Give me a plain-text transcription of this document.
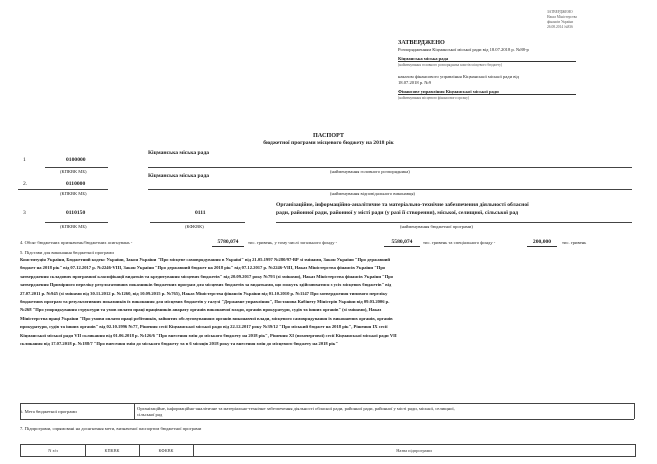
ЗАТВЕРДЖЕНО
Наказ Міністерства
фінансів України
26.08.2014 №836
ЗАТВЕРДЖЕНО
Розпорядженням Кіцманської міської ради від 18.07.2018 р. №88-р
Кіцманська міська рада
(найменування головного розпорядника коштів місцевого бюджету)
наказом фінансового управління Кіцманської міської ради від
18.07.2018 р. №9
Фінансове управління Кіцманської міської ради
(найменування місцевого фінансового органу)
ПАСПОРТ
бюджетної програми місцевого бюджету на 2018 рік
1	0100000
Кіцманська міська рада
(КПКВК МБ)	(найменування головного розпорядника)
2.	0110000
Кіцманська міська рада
(КПКВК МБ)	(найменування відповідального виконавця)
3	0110150	0111
Організаційне, інформаційно-аналітичне та матеріально-технічне забезпечення діяльності обласної
ради, районної ради, районної у місті ради (у разі її створення), міської, селищної, сільської рад
(КПКВК МБ)	(КФКВК)	(найменування бюджетної програми)
4. Обсяг бюджетних призначень/бюджетних асигнувань -	5780,074	тис. гривень, у тому числі загального фонду -	5580,074	тис. гривень та спеціального фонду -	200,000	тис. гривень
5. Підстави для виконання бюджетної програми
Конституція України, Бюджетний кодекс України, Закон України "Про місцеве самоврядування в Україні" від 21.05.1997 №280/97-ВР зі змінами, Закон України "Про державний
бюджет на 2018 рік" від 07.12.2017 р. №2246-VIII, Закон України "Про державний бюджет на 2018 рік" від 07.12.2017 р. №2246-VIII, Наказ Міністерства фінансів України "Про
затвердження складових програмної класифікації видатків та кредитування місцевих бюджетів" від 20.09.2017 року №793 (зі змінами), Наказ Міністерства фінансів України "Про
затвердження Примірного переліку результативних показників бюджетних програм для місцевих бюджетів за видатками, що можуть здійснюватися з усіх місцевих бюджетів" від
27.07.2011 р. №945 (зі змінами від 30.11.2012 р. №1260, від 10.09.2015 р. №765), Наказ Міністерства фінансів України від 01.10.2010 р. №1147 Про затвердження типового переліку
бюджетних програм та результативних показників їх виконання для місцевих бюджетів у галузі "Державне управління", Постанова Кабінету Міністрів України від 09.03.2006 р.
№268 "Про упорядкування структури та умов оплати праці працівників апарату органів виконавчої влади, органів прокуратури, судів та інших органів" (зі змінами), Наказ
Міністерства праці України "Про умови оплати праці робітників, зайнятих обслуговуванням органів виконавчої влади, місцевого самоврядування їх виконавчих органів, органів
прокуратури, судів та інших органів" від 02.10.1996 №77, Рішення сесії Кіцманської міської ради від 22.12.2017 року №39/12 "Про міський бюджет на 2018 рік", Рішення IX сесії
Кіцманської міської ради VII скликання від 01.06.2018 р. №126/6 "Про внесення змін до міського бюджету на 2018 рік", Рішення XI (позачергової) сесії Кіцманської міської ради VII
скликання від 17.07.2018 р. №188/7 "Про внесення змін до міського бюджету та в 6 місяців 2018 року та внесення змін до місцевого бюджету на 2018 рік"
6. Мета бюджетної програми
Організаційне, інформаційно-аналітичне та матеріально-технічне забезпечення діяльності обласної ради, районної ради, районної у місті ради, міської, селищної,
сільської рад
7. Підпрограми, спрямовані на досягнення мети, визначеної паспортом бюджетної програми
N з/п	КПКВК	КФКВК	Назва підпрограми
